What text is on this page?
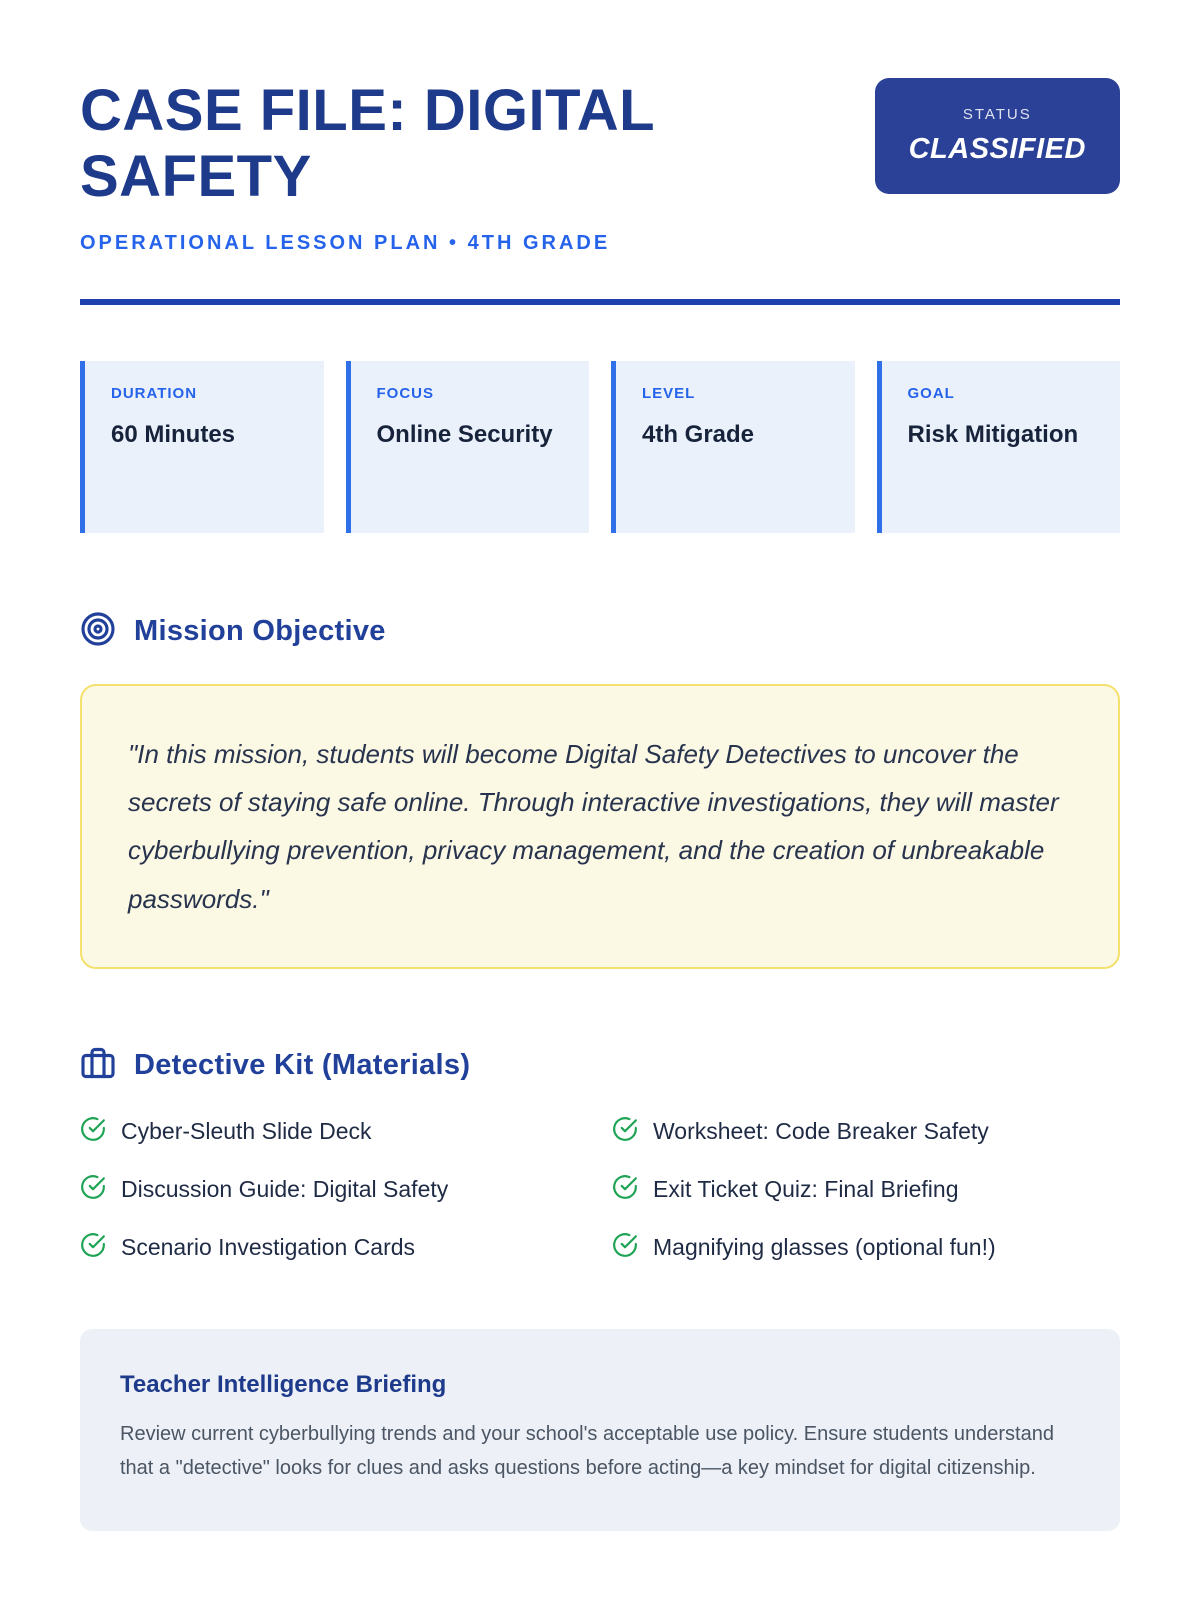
CASE FILE: DIGITAL SAFETY
STATUS
CLASSIFIED
OPERATIONAL LESSON PLAN • 4TH GRADE
DURATION
60 Minutes
FOCUS
Online Security
LEVEL
4th Grade
GOAL
Risk Mitigation
Mission Objective

"In this mission, students will become Digital Safety Detectives to uncover the secrets of staying safe online. Through interactive investigations, they will master cyberbullying prevention, privacy management, and the creation of unbreakable passwords."

Detective Kit (Materials)
Cyber-Sleuth Slide Deck	Worksheet: Code Breaker Safety
Discussion Guide: Digital Safety	Exit Ticket Quiz: Final Briefing
Scenario Investigation Cards	Magnifying glasses (optional fun!)
Teacher Intelligence Briefing

Review current cyberbullying trends and your school's acceptable use policy. Ensure students understand that a "detective" looks for clues and asks questions before acting—a key mindset for digital citizenship.
